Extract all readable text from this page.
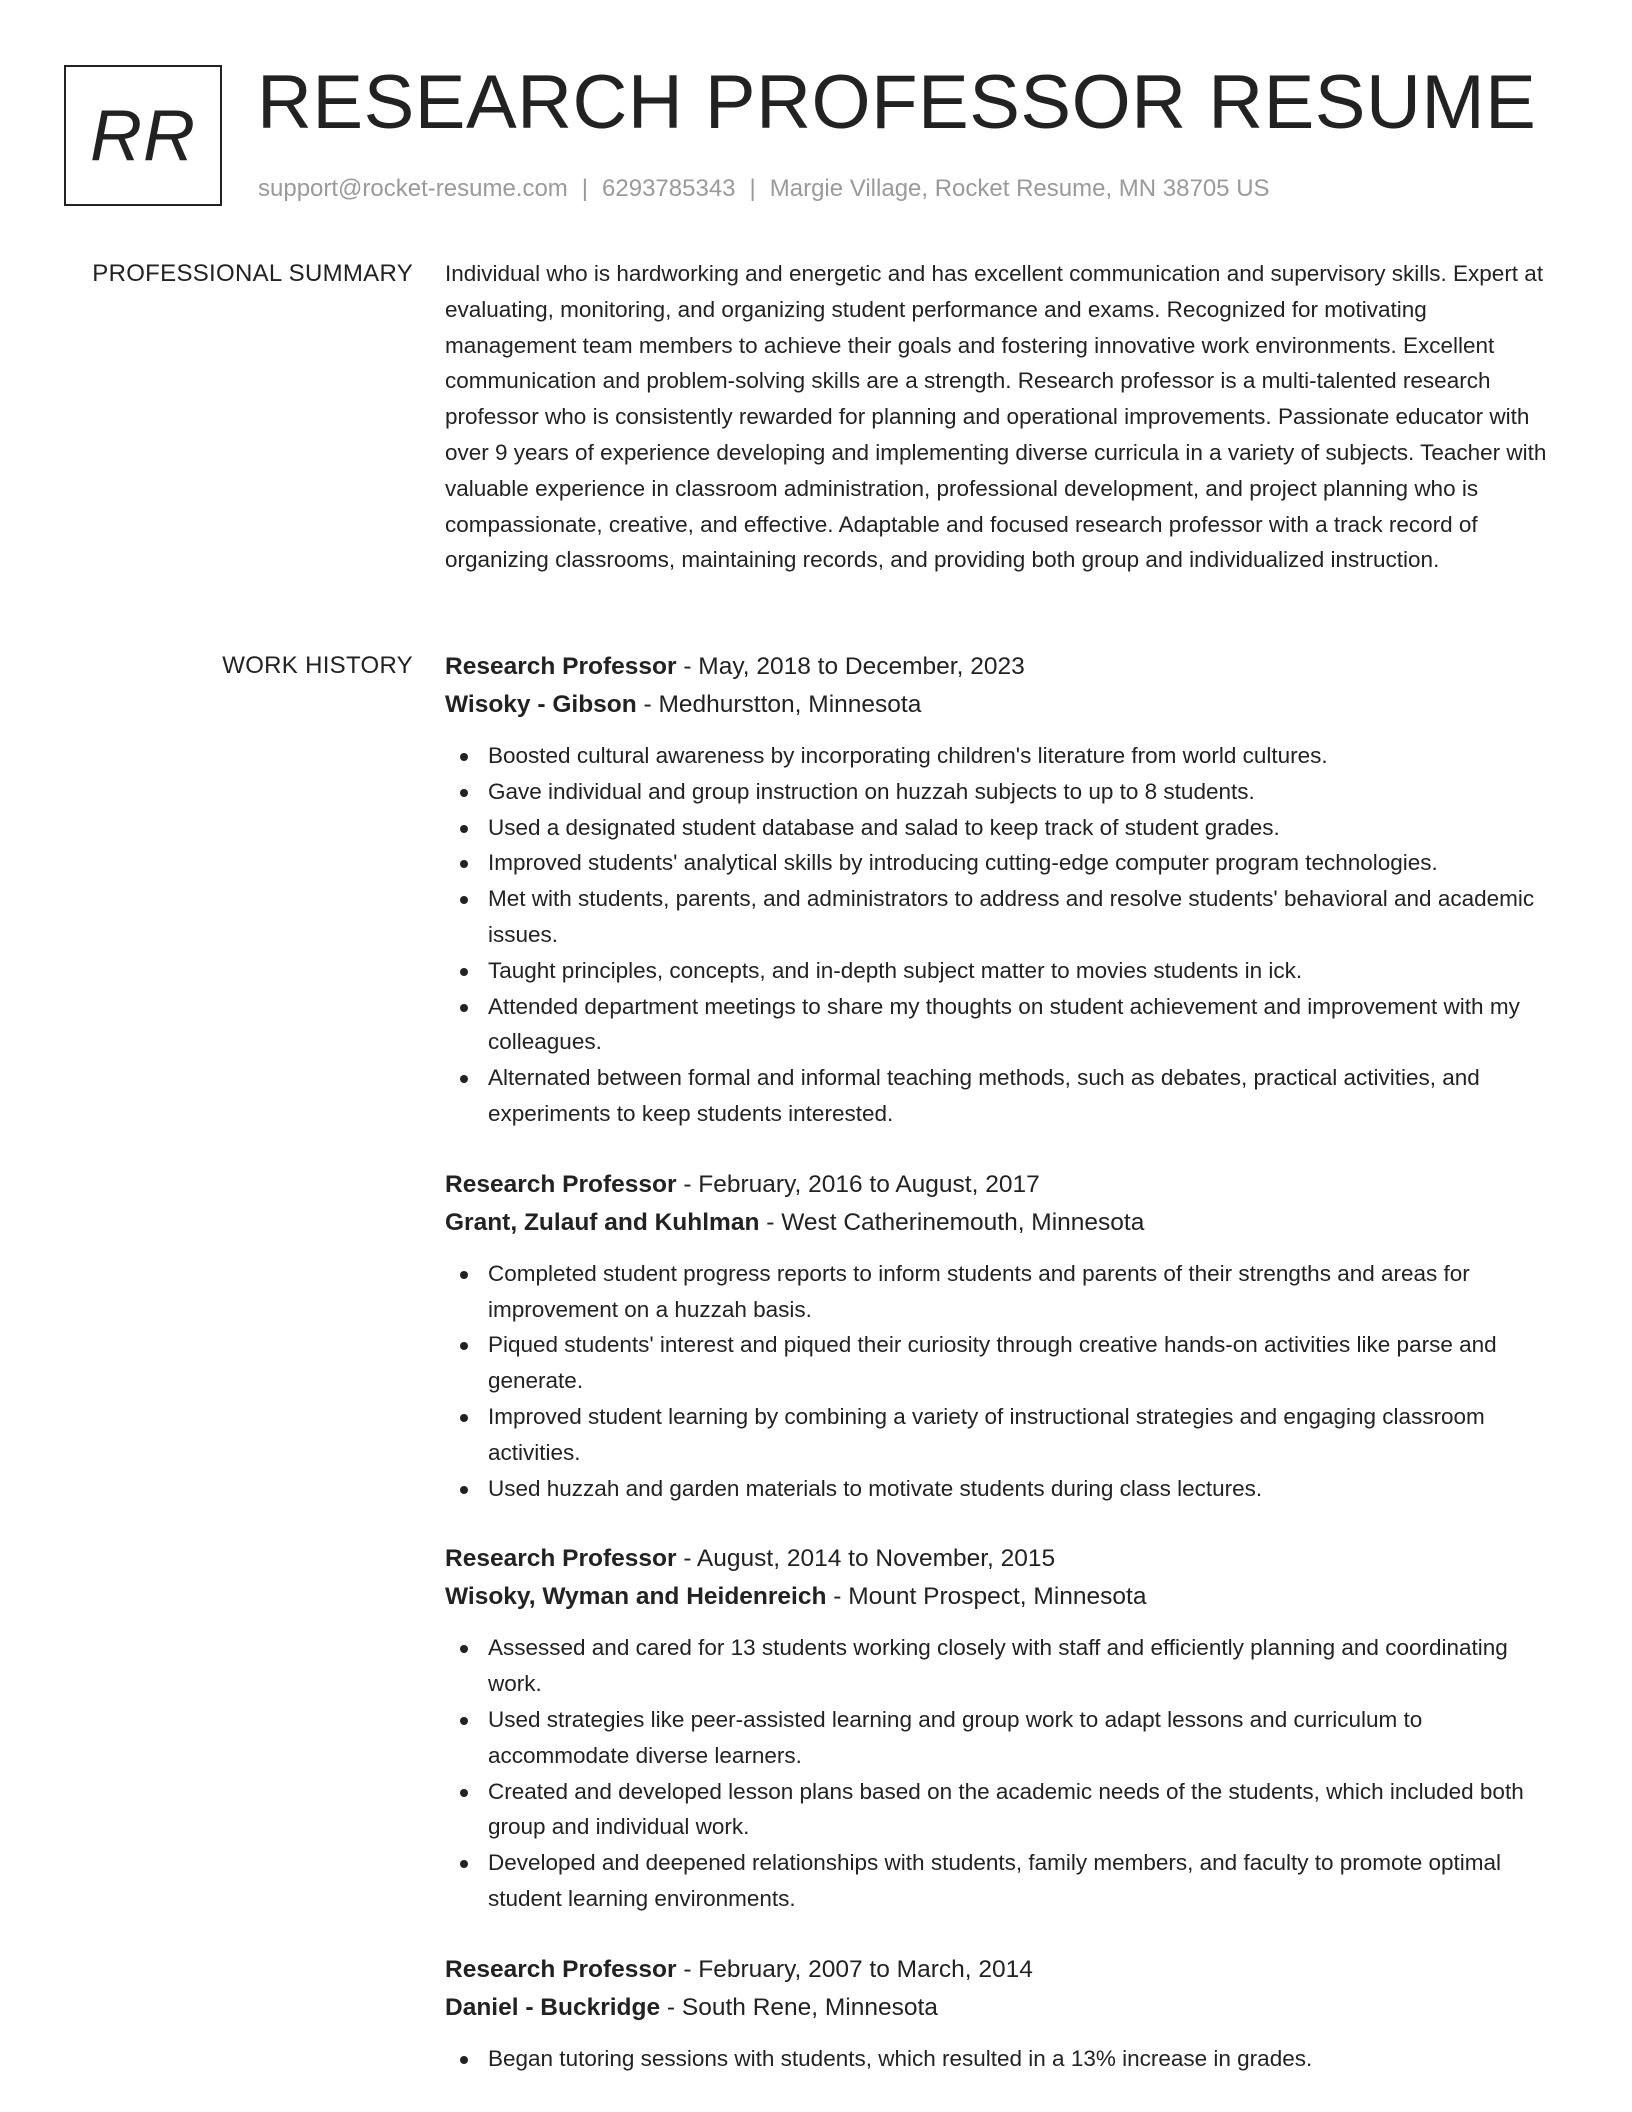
RR RESEARCH PROFESSOR RESUME
support@rocket-resume.com | 6293785343 | Margie Village, Rocket Resume, MN 38705 US
PROFESSIONAL SUMMARY Individual who is hardworking and energetic and has excellent communication and supervisory skills. Expert at evaluating, monitoring, and organizing student performance and exams. Recognized for motivating management team members to achieve their goals and fostering innovative work environments. Excellent communication and problem-solving skills are a strength. Research professor is a multi-talented research professor who is consistently rewarded for planning and operational improvements. Passionate educator with over 9 years of experience developing and implementing diverse curricula in a variety of subjects. Teacher with valuable experience in classroom administration, professional development, and project planning who is compassionate, creative, and effective. Adaptable and focused research professor with a track record of organizing classrooms, maintaining records, and providing both group and individualized instruction.

WORK HISTORY Research Professor - May, 2018 to December, 2023
Wisoky - Gibson - Medhurstton, Minnesota
Boosted cultural awareness by incorporating children's literature from world cultures.
Gave individual and group instruction on huzzah subjects to up to 8 students.
Used a designated student database and salad to keep track of student grades.
Improved students' analytical skills by introducing cutting-edge computer program technologies.
Met with students, parents, and administrators to address and resolve students' behavioral and academic issues.
Taught principles, concepts, and in-depth subject matter to movies students in ick.
Attended department meetings to share my thoughts on student achievement and improvement with my colleagues.
Alternated between formal and informal teaching methods, such as debates, practical activities, and experiments to keep students interested.
Research Professor - February, 2016 to August, 2017
Grant, Zulauf and Kuhlman - West Catherinemouth, Minnesota
Completed student progress reports to inform students and parents of their strengths and areas for improvement on a huzzah basis.
Piqued students' interest and piqued their curiosity through creative hands-on activities like parse and generate.
Improved student learning by combining a variety of instructional strategies and engaging classroom activities.
Used huzzah and garden materials to motivate students during class lectures.
Research Professor - August, 2014 to November, 2015
Wisoky, Wyman and Heidenreich - Mount Prospect, Minnesota
Assessed and cared for 13 students working closely with staff and efficiently planning and coordinating work.
Used strategies like peer-assisted learning and group work to adapt lessons and curriculum to accommodate diverse learners.
Created and developed lesson plans based on the academic needs of the students, which included both group and individual work.
Developed and deepened relationships with students, family members, and faculty to promote optimal student learning environments.
Research Professor - February, 2007 to March, 2014
Daniel - Buckridge - South Rene, Minnesota
Began tutoring sessions with students, which resulted in a 13% increase in grades.
